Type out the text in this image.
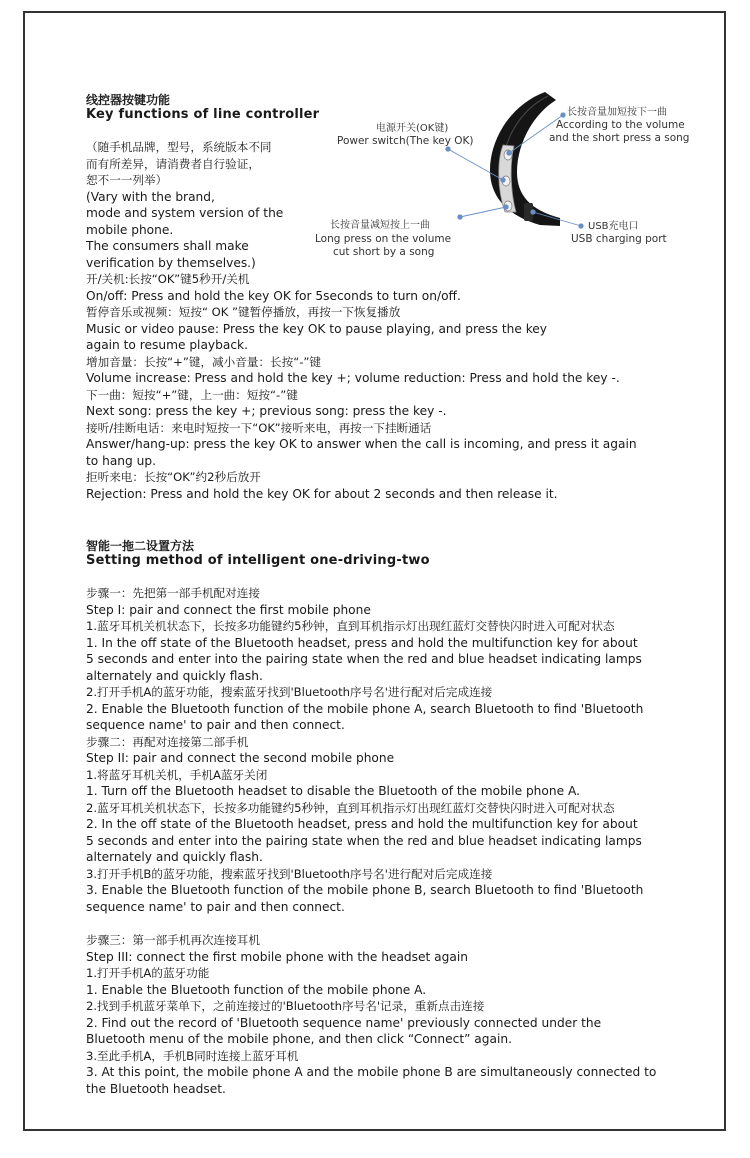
线控器按键功能
Key functions of line controller
（随手机品牌，型号，系统版本不同
而有所差异，请消费者自行验证，
恕不一一列举）
(Vary with the brand,
mode and system version of the
mobile phone.
The consumers shall make
verification by themselves.)
开/关机:长按“OK”键5秒开/关机
On/off: Press and hold the key OK for 5seconds to turn on/off.
暂停音乐或视频：短按“ OK ”键暂停播放，再按一下恢复播放
Music or video pause: Press the key OK to pause playing, and press the key
again to resume playback.
增加音量：长按“+”键，减小音量：长按“-”键
Volume increase: Press and hold the key +; volume reduction: Press and hold the key -.
下一曲：短按“+”键，上一曲：短按“-”键
Next song: press the key +; previous song: press the key -.
接听/挂断电话：来电时短按一下“OK”接听来电，再按一下挂断通话
Answer/hang-up: press the key OK to answer when the call is incoming, and press it again
to hang up.
拒听来电：长按“OK”约2秒后放开
Rejection: Press and hold the key OK for about 2 seconds and then release it.
电源开关(OK键)
Power switch(The key OK)
长按音量加短按下一曲
According to the volume
and the short press a song
长按音量减短按上一曲
Long press on the volume
cut short by a song
USB充电口
USB charging port
智能一拖二设置方法
Setting method of intelligent one-driving-two
步骤一：先把第一部手机配对连接
Step I: pair and connect the first mobile phone
1.蓝牙耳机关机状态下，长按多功能键约5秒钟，直到耳机指示灯出现红蓝灯交替快闪时进入可配对状态
1. In the off state of the Bluetooth headset, press and hold the multifunction key for about
5 seconds and enter into the pairing state when the red and blue headset indicating lamps
alternately and quickly flash.
2.打开手机A的蓝牙功能，搜索蓝牙找到'Bluetooth序号名'进行配对后完成连接
2. Enable the Bluetooth function of the mobile phone A, search Bluetooth to find 'Bluetooth
sequence name' to pair and then connect.
步骤二：再配对连接第二部手机
Step II: pair and connect the second mobile phone
1.将蓝牙耳机关机，手机A蓝牙关闭
1. Turn off the Bluetooth headset to disable the Bluetooth of the mobile phone A.
2.蓝牙耳机关机状态下，长按多功能键约5秒钟，直到耳机指示灯出现红蓝灯交替快闪时进入可配对状态
2. In the off state of the Bluetooth headset, press and hold the multifunction key for about
5 seconds and enter into the pairing state when the red and blue headset indicating lamps
alternately and quickly flash.
3.打开手机B的蓝牙功能，搜索蓝牙找到'Bluetooth序号名'进行配对后完成连接
3. Enable the Bluetooth function of the mobile phone B, search Bluetooth to find 'Bluetooth
sequence name' to pair and then connect.
步骤三：第一部手机再次连接耳机
Step III: connect the first mobile phone with the headset again
1.打开手机A的蓝牙功能
1. Enable the Bluetooth function of the mobile phone A.
2.找到手机蓝牙菜单下，之前连接过的'Bluetooth序号名'记录，重新点击连接
2. Find out the record of 'Bluetooth sequence name' previously connected under the
Bluetooth menu of the mobile phone, and then click “Connect” again.
3.至此手机A，手机B同时连接上蓝牙耳机
3. At this point, the mobile phone A and the mobile phone B are simultaneously connected to
the Bluetooth headset.
